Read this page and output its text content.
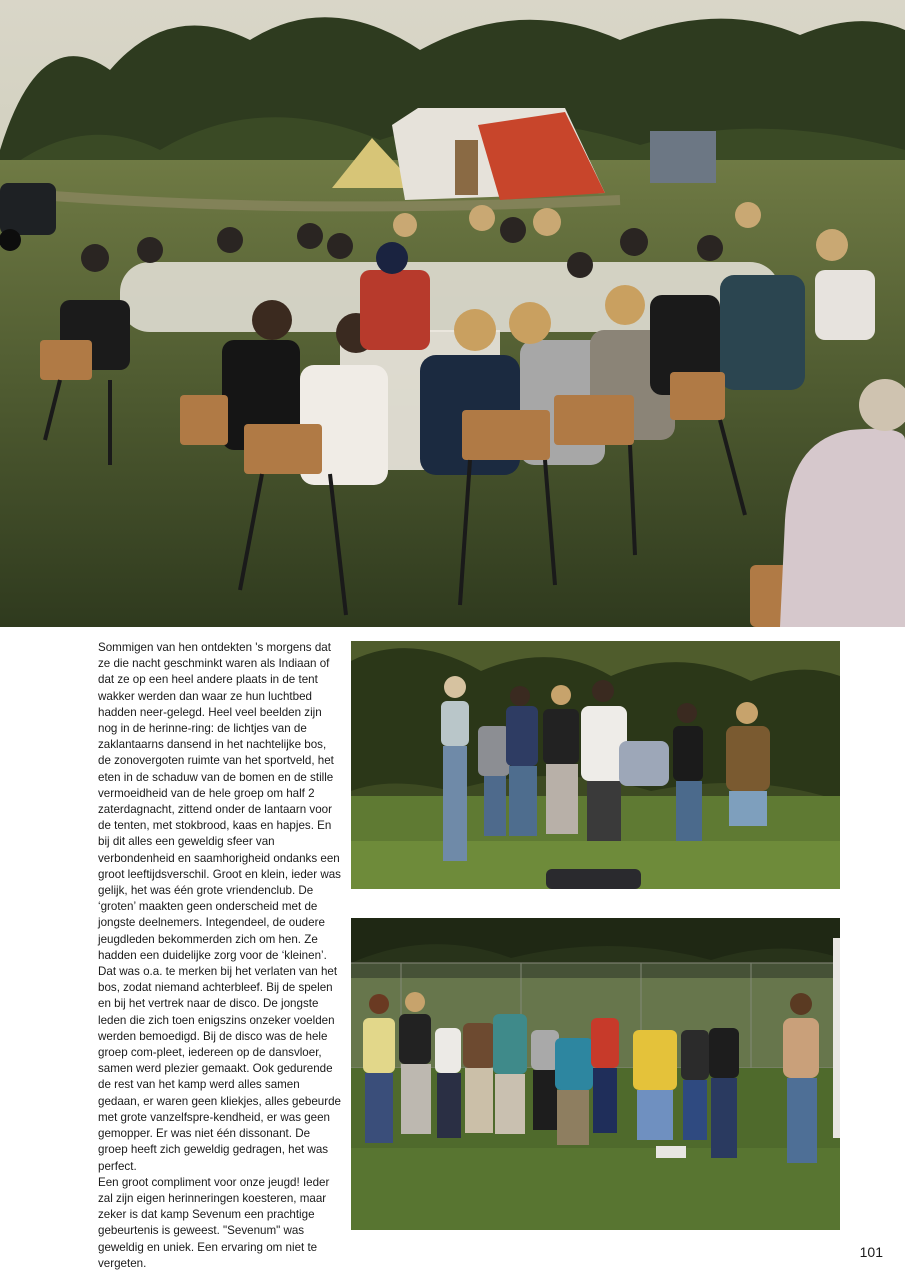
Sommigen van hen ontdekten 's morgens dat ze die nacht geschminkt waren als Indiaan of dat ze op een heel andere plaats in de tent wakker werden dan waar ze hun luchtbed hadden neer-gelegd. Heel veel beelden zijn nog in de herinne-ring: de lichtjes van de zaklantaarns dansend in het nachtelijke bos, de zonovergoten ruimte van het sportveld, het eten in de schaduw van de bomen en de stille vermoeidheid van de hele groep om half 2 zaterdagnacht, zittend onder de lantaarn voor de tenten, met stokbrood, kaas en hapjes. En bij dit alles een geweldig sfeer van verbondenheid en saamhorigheid ondanks een groot leeftijdsverschil. Groot en klein, ieder was gelijk, het was één grote vriendenclub. De ‘groten’ maakten geen onderscheid met de jongste deelnemers. Integendeel, de oudere jeugdleden bekommerden zich om hen. Ze hadden een duidelijke zorg voor de ‘kleinen’. Dat was o.a. te merken bij het verlaten van het bos, zodat niemand achterbleef. Bij de spelen en bij het vertrek naar de disco. De jongste leden die zich toen enigszins onzeker voelden werden bemoedigd. Bij de disco was de hele groep com-pleet, iedereen op de dansvloer, samen werd plezier gemaakt. Ook gedurende de rest van het kamp werd alles samen gedaan, er waren geen kliekjes, alles gebeurde met grote vanzelfspre-kendheid, er was geen gemopper. Er was niet één dissonant. De groep heeft zich geweldig gedragen, het was perfect.

Een groot compliment voor onze jeugd! Ieder zal zijn eigen herinneringen koesteren, maar zeker is dat kamp Sevenum een prachtige gebeurtenis is geweest. "Sevenum" was geweldig en uniek. Een ervaring om niet te vergeten.

101
